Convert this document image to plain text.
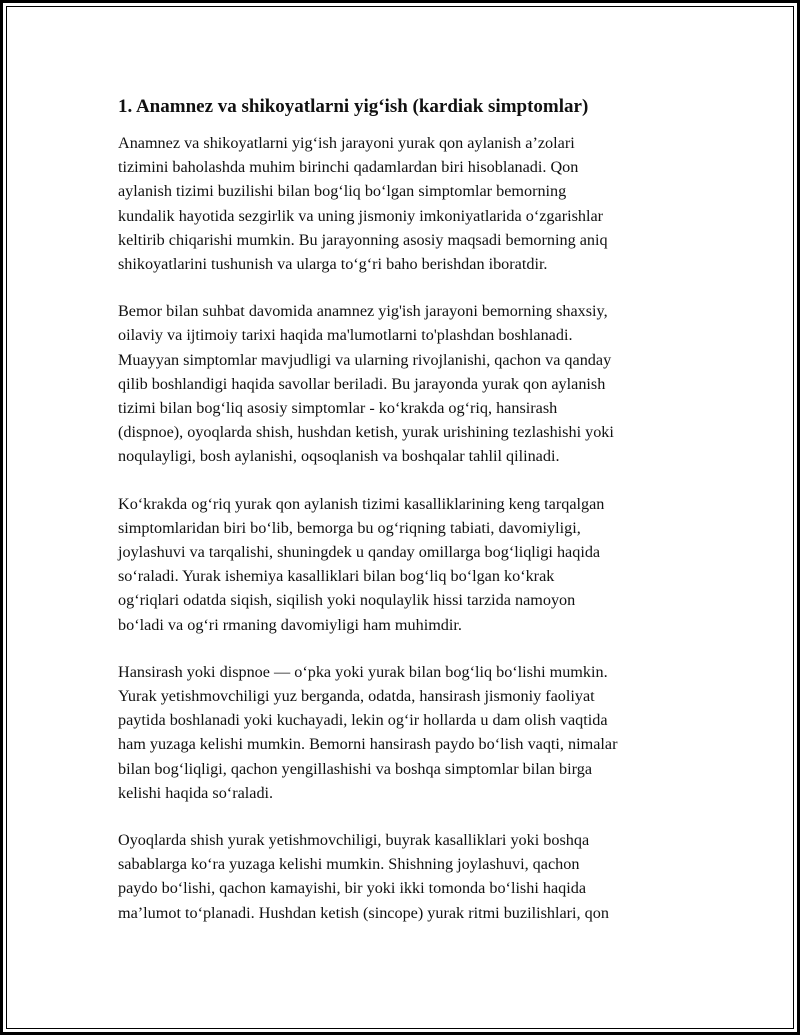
1. Anamnez va shikoyatlarni yig‘ish (kardiak simptomlar)

Anamnez va shikoyatlarni yig‘ish jarayoni yurak qon aylanish a’zolari
tizimini baholashda muhim birinchi qadamlardan biri hisoblanadi. Qon
aylanish tizimi buzilishi bilan bog‘liq bo‘lgan simptomlar bemorning
kundalik hayotida sezgirlik va uning jismoniy imkoniyatlarida o‘zgarishlar
keltirib chiqarishi mumkin. Bu jarayonning asosiy maqsadi bemorning aniq
shikoyatlarini tushunish va ularga to‘g‘ri baho berishdan iboratdir.

Bemor bilan suhbat davomida anamnez yig'ish jarayoni bemorning shaxsiy,
oilaviy va ijtimoiy tarixi haqida ma'lumotlarni to'plashdan boshlanadi.
Muayyan simptomlar mavjudligi va ularning rivojlanishi, qachon va qanday
qilib boshlandigi haqida savollar beriladi. Bu jarayonda yurak qon aylanish
tizimi bilan bog‘liq asosiy simptomlar - ko‘krakda og‘riq, hansirash
(dispnoe), oyoqlarda shish, hushdan ketish, yurak urishining tezlashishi yoki
noqulayligi, bosh aylanishi, oqsoqlanish va boshqalar tahlil qilinadi.

Ko‘krakda og‘riq yurak qon aylanish tizimi kasalliklarining keng tarqalgan
simptomlaridan biri bo‘lib, bemorga bu og‘riqning tabiati, davomiyligi,
joylashuvi va tarqalishi, shuningdek u qanday omillarga bog‘liqligi haqida
so‘raladi. Yurak ishemiya kasalliklari bilan bog‘liq bo‘lgan ko‘krak
og‘riqlari odatda siqish, siqilish yoki noqulaylik hissi tarzida namoyon
bo‘ladi va og‘ri rmaning davomiyligi ham muhimdir.

Hansirash yoki dispnoe — o‘pka yoki yurak bilan bog‘liq bo‘lishi mumkin.
Yurak yetishmovchiligi yuz berganda, odatda, hansirash jismoniy faoliyat
paytida boshlanadi yoki kuchayadi, lekin og‘ir hollarda u dam olish vaqtida
ham yuzaga kelishi mumkin. Bemorni hansirash paydo bo‘lish vaqti, nimalar
bilan bog‘liqligi, qachon yengillashishi va boshqa simptomlar bilan birga
kelishi haqida so‘raladi.

Oyoqlarda shish yurak yetishmovchiligi, buyrak kasalliklari yoki boshqa
sabablarga ko‘ra yuzaga kelishi mumkin. Shishning joylashuvi, qachon
paydo bo‘lishi, qachon kamayishi, bir yoki ikki tomonda bo‘lishi haqida
ma’lumot to‘planadi. Hushdan ketish (sincope) yurak ritmi buzilishlari, qon
